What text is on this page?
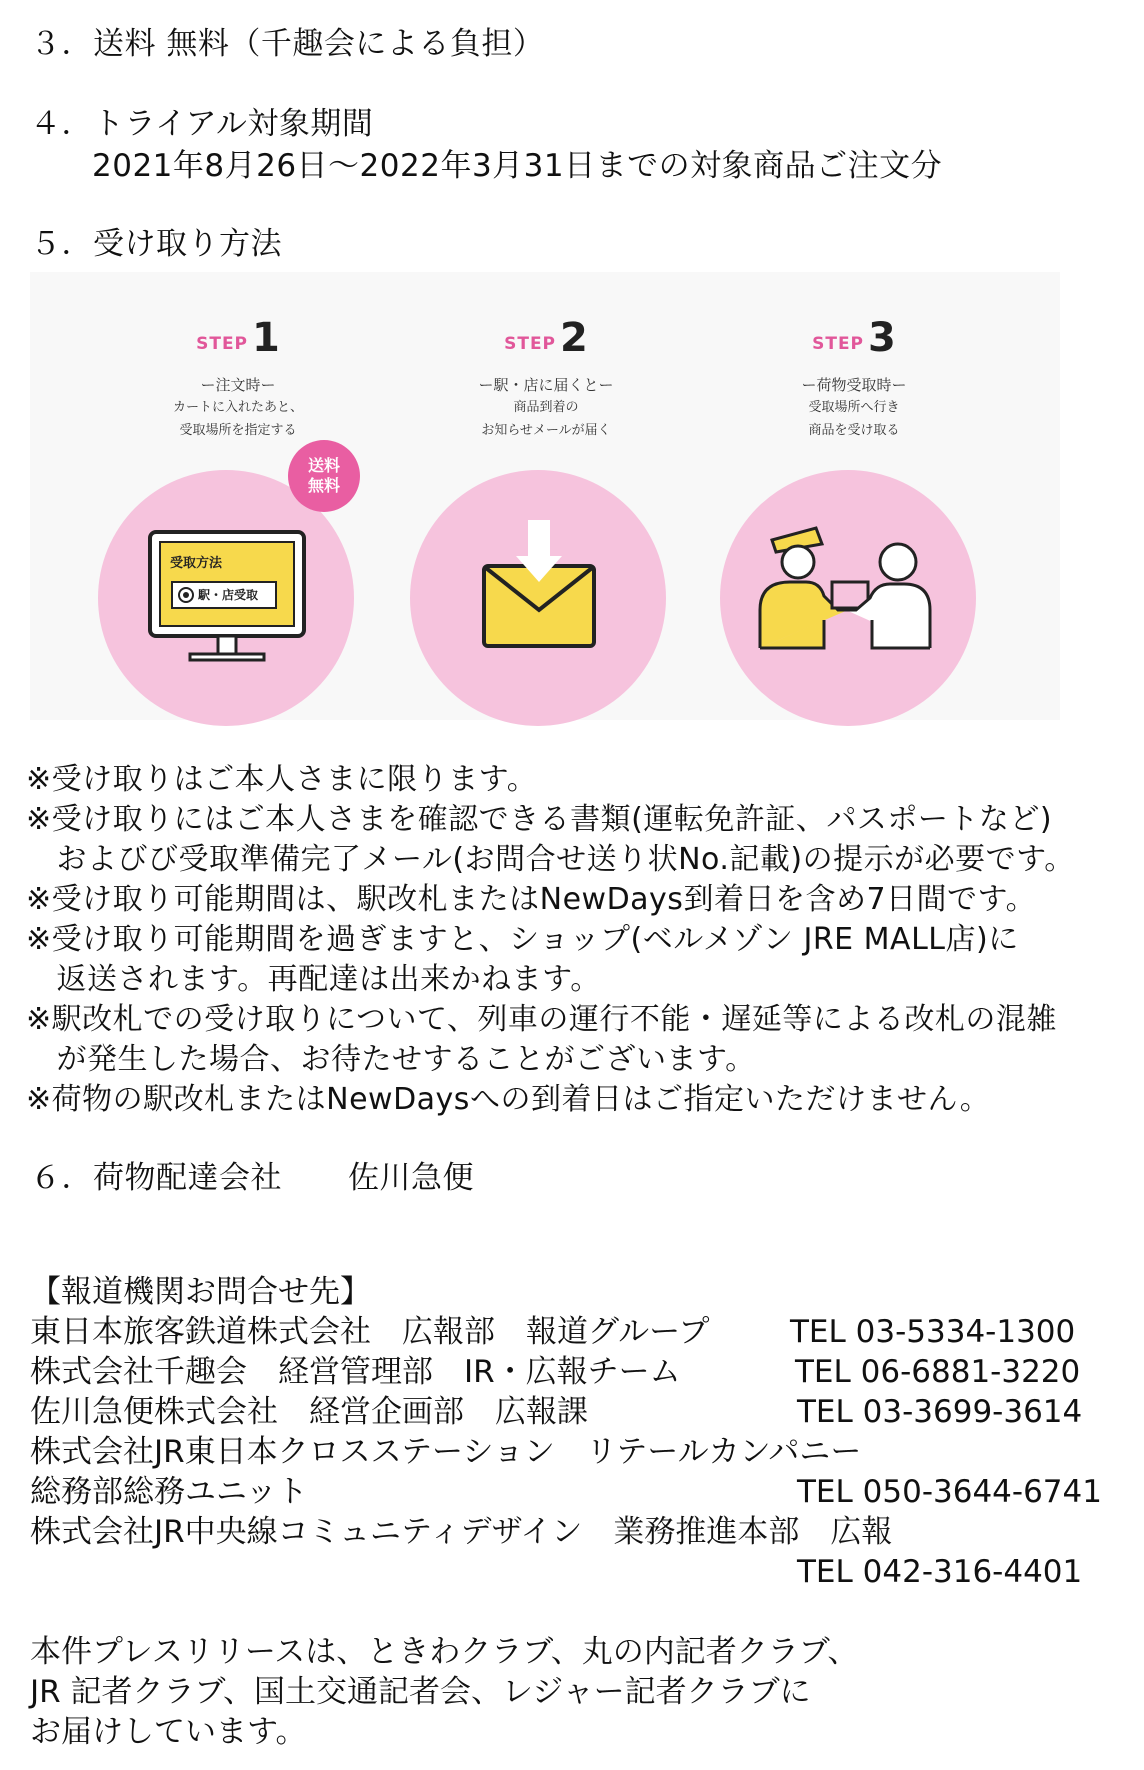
３．送料 無料（千趣会による負担）
４．トライアル対象期間
2021年8月26日～2022年3月31日までの対象商品ご注文分
５．受け取り方法
STEP 1
ー注文時ー
カートに入れたあと、
受取場所を指定する
STEP 2
ー駅・店に届くとー
商品到着の
お知らせメールが届く
STEP 3
ー荷物受取時ー
受取場所へ行き
商品を受け取る
受取方法
駅・店受取
送料
無料
※受け取りはご本人さまに限ります。
※受け取りにはご本人さまを確認できる書類(運転免許証、パスポートなど)
　およびび受取準備完了メール(お問合せ送り状No.記載)の提示が必要です。
※受け取り可能期間は、駅改札またはNewDays到着日を含め7日間です。
※受け取り可能期間を過ぎますと、ショップ(ベルメゾン JRE MALL店)に
　返送されます。再配達は出来かねます。
※駅改札での受け取りについて、列車の運行不能・遅延等による改札の混雑
　が発生した場合、お待たせすることがございます。
※荷物の駅改札またはNewDaysへの到着日はご指定いただけません。
６．荷物配達会社 佐川急便
【報道機関お問合せ先】
東日本旅客鉄道株式会社　広報部　報道グループ	TEL 03-5334-1300
株式会社千趣会　経営管理部　IR・広報チーム	TEL 06-6881-3220
佐川急便株式会社　経営企画部　広報課	TEL 03-3699-3614
株式会社JR東日本クロスステーション　リテールカンパニー
総務部総務ユニット	TEL 050-3644-6741
株式会社JR中央線コミュニティデザイン　業務推進本部　広報
TEL 042-316-4401
本件プレスリリースは、ときわクラブ、丸の内記者クラブ、
JR 記者クラブ、国土交通記者会、レジャー記者クラブに
お届けしています。
